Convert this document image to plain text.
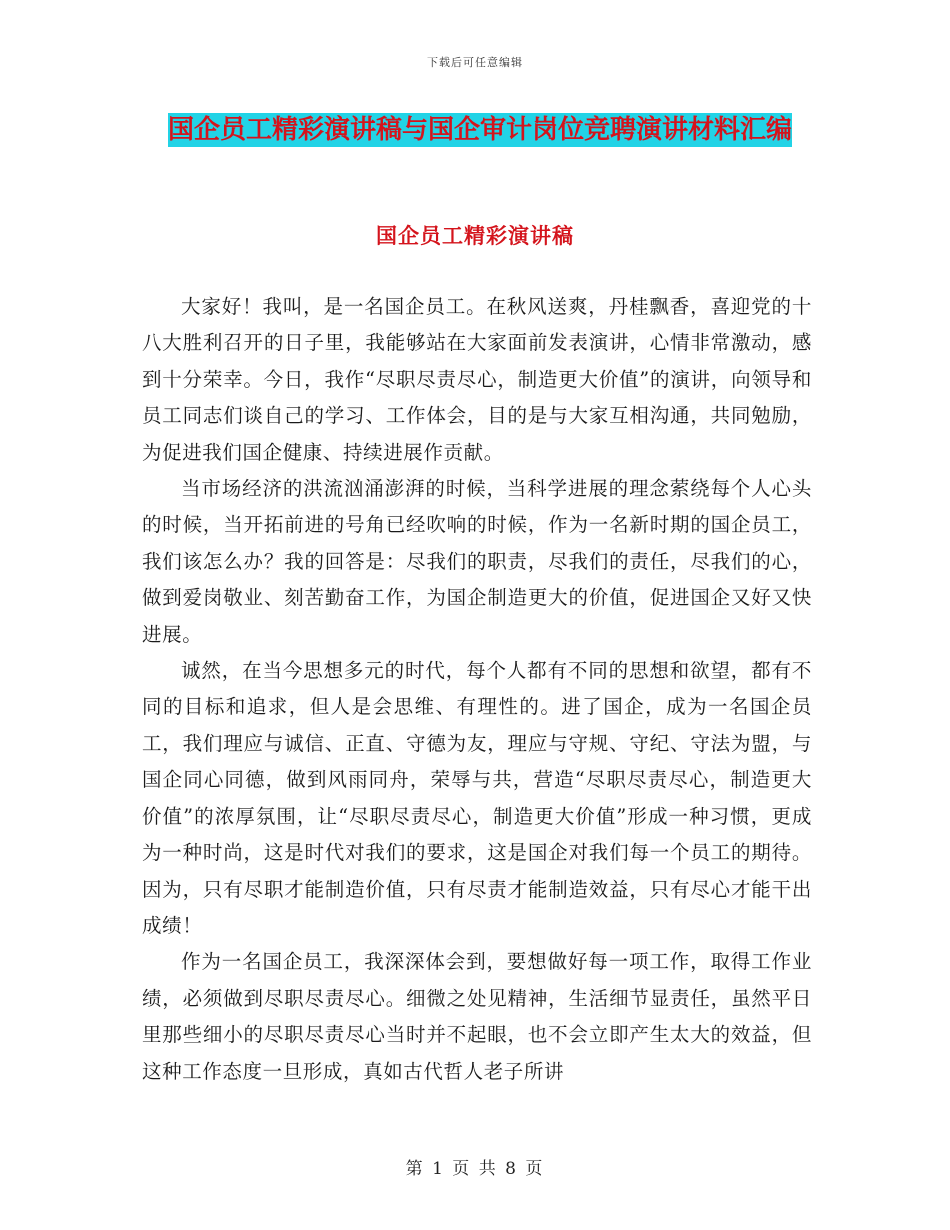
下载后可任意编辑
国企员工精彩演讲稿与国企审计岗位竞聘演讲材料汇编
国企员工精彩演讲稿

大家好！我叫，是一名国企员工。在秋风送爽，丹桂飘香，喜迎党的十八大胜利召开的日子里，我能够站在大家面前发表演讲，心情非常激动，感到十分荣幸。今日，我作“尽职尽责尽心，制造更大价值”的演讲，向领导和员工同志们谈自己的学习、工作体会，目的是与大家互相沟通，共同勉励，为促进我们国企健康、持续进展作贡献。

当市场经济的洪流汹涌澎湃的时候，当科学进展的理念萦绕每个人心头的时候，当开拓前进的号角已经吹响的时候，作为一名新时期的国企员工，我们该怎么办？我的回答是：尽我们的职责，尽我们的责任，尽我们的心，做到爱岗敬业、刻苦勤奋工作，为国企制造更大的价值，促进国企又好又快进展。

诚然，在当今思想多元的时代，每个人都有不同的思想和欲望，都有不同的目标和追求，但人是会思维、有理性的。进了国企，成为一名国企员工，我们理应与诚信、正直、守德为友，理应与守规、守纪、守法为盟，与国企同心同德，做到风雨同舟，荣辱与共，营造“尽职尽责尽心，制造更大价值”的浓厚氛围，让“尽职尽责尽心，制造更大价值”形成一种习惯，更成为一种时尚，这是时代对我们的要求，这是国企对我们每一个员工的期待。因为，只有尽职才能制造价值，只有尽责才能制造效益，只有尽心才能干出成绩！

作为一名国企员工，我深深体会到，要想做好每一项工作，取得工作业绩，必须做到尽职尽责尽心。细微之处见精神，生活细节显责任，虽然平日里那些细小的尽职尽责尽心当时并不起眼，也不会立即产生太大的效益，但这种工作态度一旦形成，真如古代哲人老子所讲

第 1 页 共 8 页
